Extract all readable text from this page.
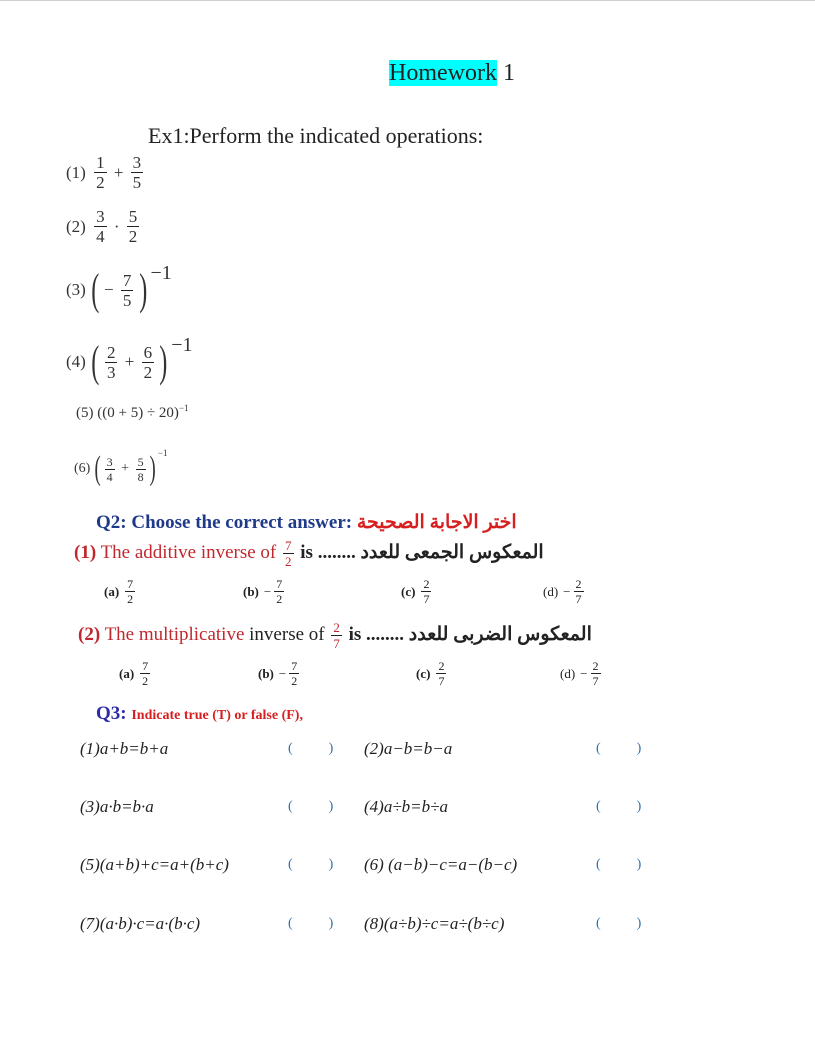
Homework 1
Ex1:Perform the indicated operations:
$(1) \frac{1}{2} + \frac{3}{5}$
$(2) \frac{3}{4} \cdot \frac{5}{2}$
(3) ( − $\frac{7}{5}$ ) −1
(4) ( $\frac{2}{3} + \frac{6}{2}$ ) −1
(5) $((0 + 5) \div 20)^{-1}$
(6) ( $\frac{3}{4} + \frac{5}{8}$ ) −1
Q2: Choose the correct answer: اختر الاجابة الصحيحة
(1) The additive inverse of $\frac{7}{2}$ is ........ المعكوس الجمعى للعدد
$(a) \frac{7}{2}$	$(b) - \frac{7}{2}$	$(c) \frac{2}{7}$	$(d) - \frac{2}{7}$
(2) The multiplicative inverse of $\frac{2}{7}$ is ........ المعكوس الضربى للعدد
$(a) \frac{7}{2}$	$(b) - \frac{7}{2}$	$(c) \frac{2}{7}$	$(d) - \frac{2}{7}$
Q3: Indicate true (T) or false (F),
(1)a+b=b+a	(	) (2)a−b=b−a	(	)
(3)a·b=b·a	(	) (4)a÷b=b÷a	(	)
(5)(a+b)+c=a+(b+c)	(	) (6) (a−b)−c=a−(b−c)	(	)
(7)(a·b)·c=a·(b·c)	(	) (8)(a÷b)÷c=a÷(b÷c)	(	)
